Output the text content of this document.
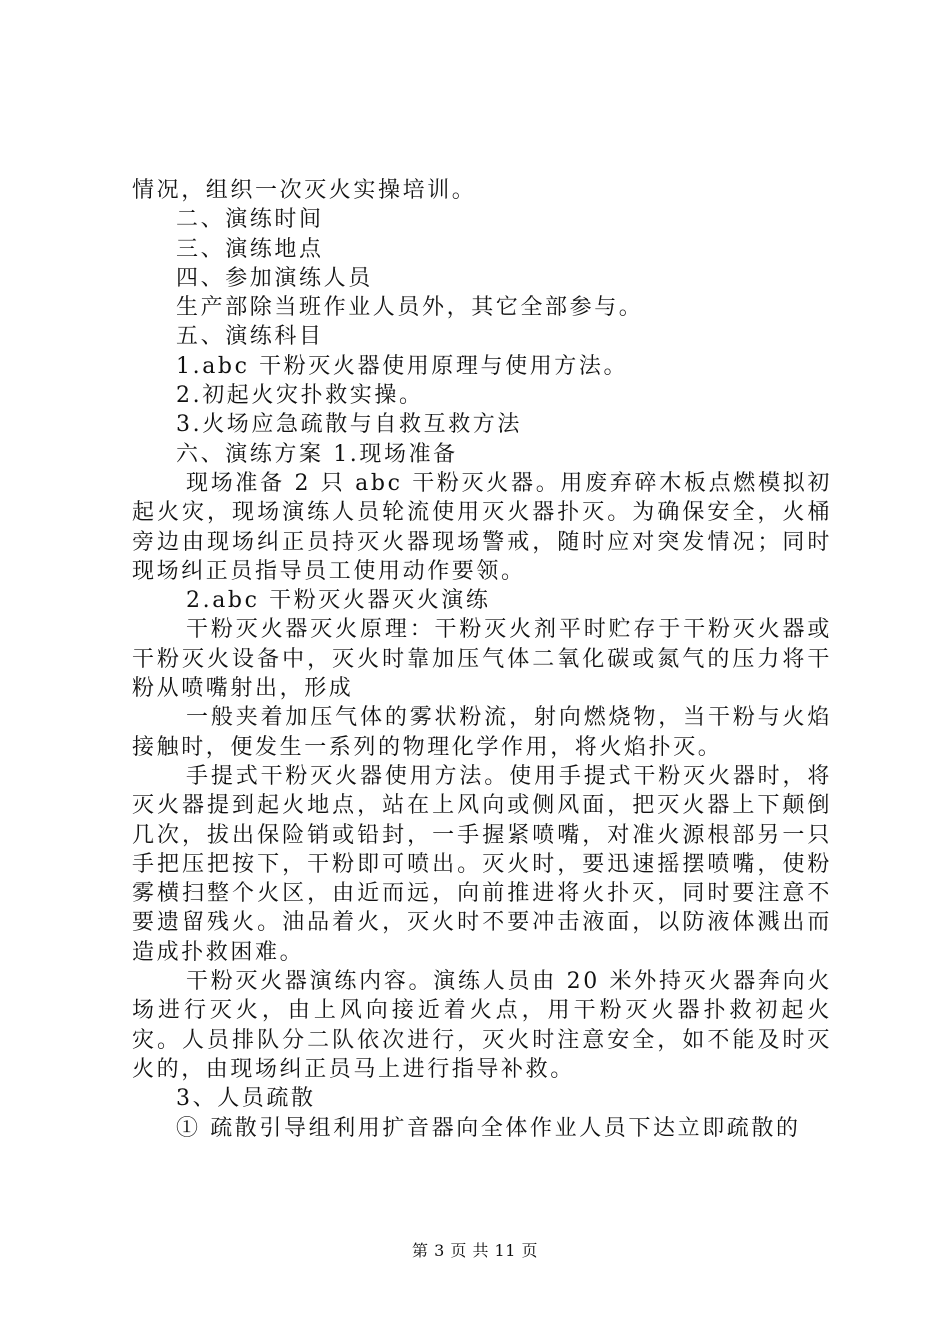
情况，组织一次灭火实操培训。
二、演练时间
三、演练地点
四、参加演练人员
生产部除当班作业人员外，其它全部参与。
五、演练科目
1.abc 干粉灭火器使用原理与使用方法。
2.初起火灾扑救实操。
3.火场应急疏散与自救互救方法
六、演练方案 1.现场准备
现场准备 2 只 abc 干粉灭火器。用废弃碎木板点燃模拟初起火灾，现场演练人员轮流使用灭火器扑灭。为确保安全，火桶旁边由现场纠正员持灭火器现场警戒，随时应对突发情况；同时现场纠正员指导员工使用动作要领。
2.abc 干粉灭火器灭火演练
干粉灭火器灭火原理：干粉灭火剂平时贮存于干粉灭火器或干粉灭火设备中，灭火时靠加压气体二氧化碳或氮气的压力将干粉从喷嘴射出，形成
一般夹着加压气体的雾状粉流，射向燃烧物，当干粉与火焰接触时，便发生一系列的物理化学作用，将火焰扑灭。
手提式干粉灭火器使用方法。使用手提式干粉灭火器时，将灭火器提到起火地点，站在上风向或侧风面，把灭火器上下颠倒几次，拔出保险销或铅封，一手握紧喷嘴，对准火源根部另一只手把压把按下，干粉即可喷出。灭火时，要迅速摇摆喷嘴，使粉雾横扫整个火区，由近而远，向前推进将火扑灭，同时要注意不要遗留残火。油品着火，灭火时不要冲击液面，以防液体溅出而造成扑救困难。
干粉灭火器演练内容。演练人员由 20 米外持灭火器奔向火场进行灭火，由上风向接近着火点，用干粉灭火器扑救初起火灾。人员排队分二队依次进行，灭火时注意安全，如不能及时灭火的，由现场纠正员马上进行指导补救。
3、人员疏散
① 疏散引导组利用扩音器向全体作业人员下达立即疏散的
第 3 页 共 11 页
